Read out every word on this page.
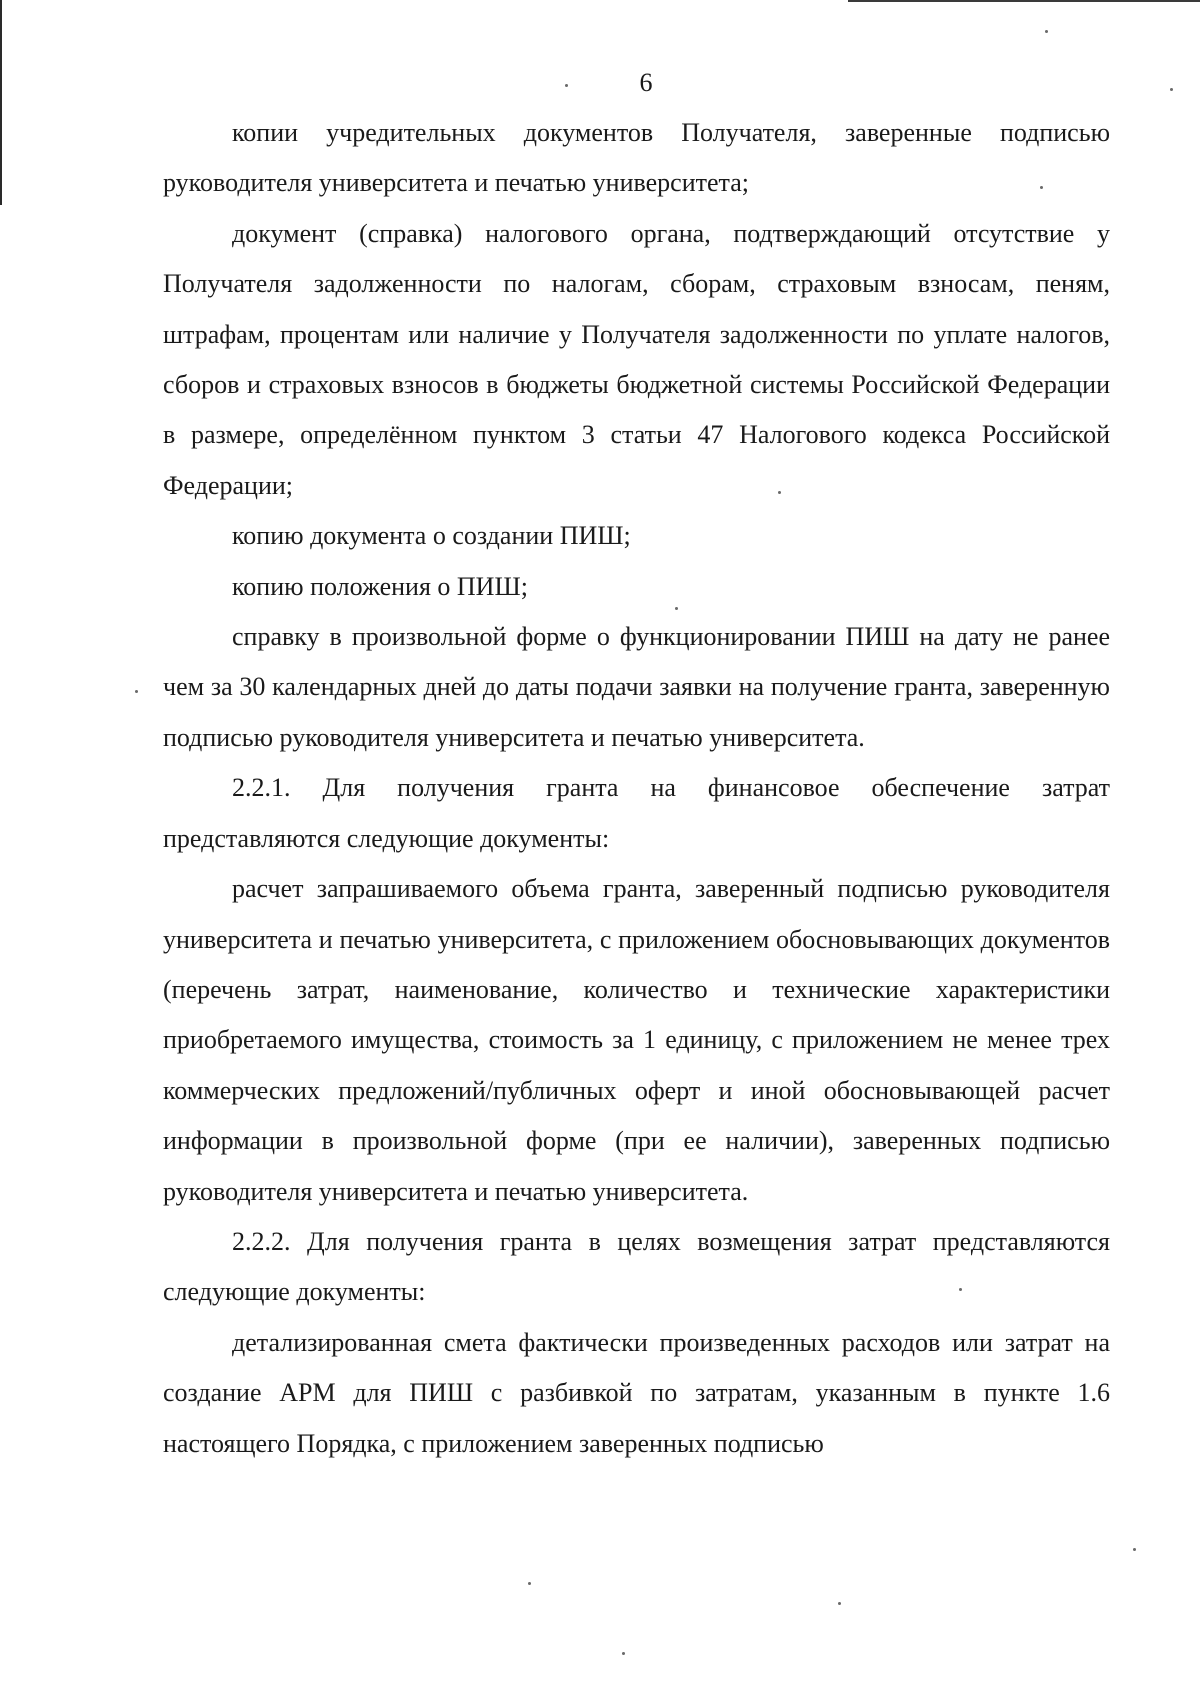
6

копии учредительных документов Получателя, заверенные подписью руководителя университета и печатью университета;

документ (справка) налогового органа, подтверждающий отсутствие у Получателя задолженности по налогам, сборам, страховым взносам, пеням, штрафам, процентам или наличие у Получателя задолженности по уплате налогов, сборов и страховых взносов в бюджеты бюджетной системы Российской Федерации в размере, определённом пунктом 3 статьи 47 Налогового кодекса Российской Федерации;

копию документа о создании ПИШ;

копию положения о ПИШ;

справку в произвольной форме о функционировании ПИШ на дату не ранее чем за 30 календарных дней до даты подачи заявки на получение гранта, заверенную подписью руководителя университета и печатью университета.

2.2.1. Для получения гранта на финансовое обеспечение затрат представляются следующие документы:

расчет запрашиваемого объема гранта, заверенный подписью руководителя университета и печатью университета, с приложением обосновывающих документов (перечень затрат, наименование, количество и технические характеристики приобретаемого имущества, стоимость за 1 единицу, с приложением не менее трех коммерческих предложений/публичных оферт и иной обосновывающей расчет информации в произвольной форме (при ее наличии), заверенных подписью руководителя университета и печатью университета.

2.2.2. Для получения гранта в целях возмещения затрат представляются следующие документы:

детализированная смета фактически произведенных расходов или затрат на создание АРМ для ПИШ с разбивкой по затратам, указанным в пункте 1.6 настоящего Порядка, с приложением заверенных подписью
